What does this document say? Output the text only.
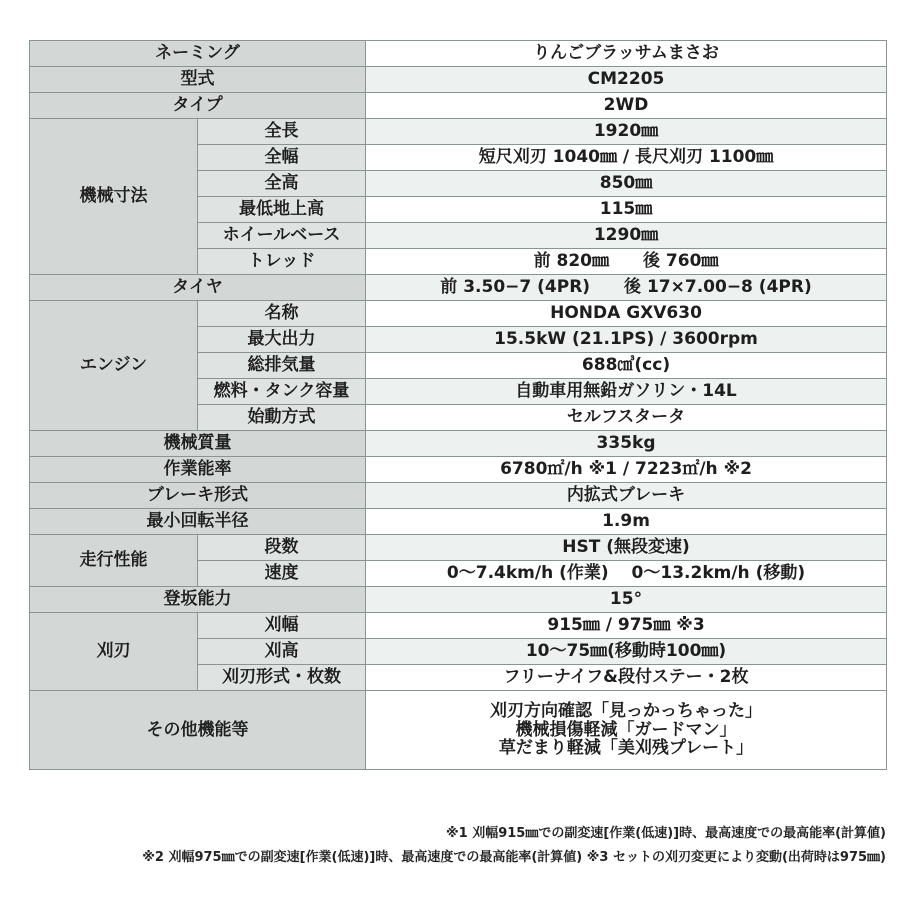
ネーミング		りんごブラッサムまさお
型式		CM2205
タイプ		2WD
機械寸法	全長	1920㎜
	全幅	短尺刈刃 1040㎜ / 長尺刈刃 1100㎜
	全高	850㎜
	最低地上高	115㎜
	ホイールベース	1290㎜
	トレッド	前 820㎜　　後 760㎜
タイヤ		前 3.50−7 (4PR)　　後 17×7.00−8 (4PR)
エンジン	名称	HONDA GXV630
	最大出力	15.5kW (21.1PS) / 3600rpm
	総排気量	688㎤(cc)
	燃料・タンク容量	自動車用無鉛ガソリン・14L
	始動方式	セルフスタータ
機械質量		335kg
作業能率		6780㎡/h ※1 / 7223㎡/h ※2
ブレーキ形式		内拡式ブレーキ
最小回転半径		1.9m
走行性能	段数	HST (無段変速)
	速度	0〜7.4km/h (作業)　 0〜13.2km/h (移動)
登坂能力		15°
刈刃	刈幅	915㎜ / 975㎜ ※3
	刈高	10〜75㎜(移動時100㎜)
	刈刃形式・枚数	フリーナイフ&段付ステー・2枚
その他機能等		刈刃方向確認「見っかっちゃった」
機械損傷軽減「ガードマン」
草だまり軽減「美刈残プレート」
※1 刈幅915㎜での副変速[作業(低速)]時、最高速度での最高能率(計算値)
※2 刈幅975㎜での副変速[作業(低速)]時、最高速度での最高能率(計算値) ※3 セットの刈刃変更により変動(出荷時は975㎜)
